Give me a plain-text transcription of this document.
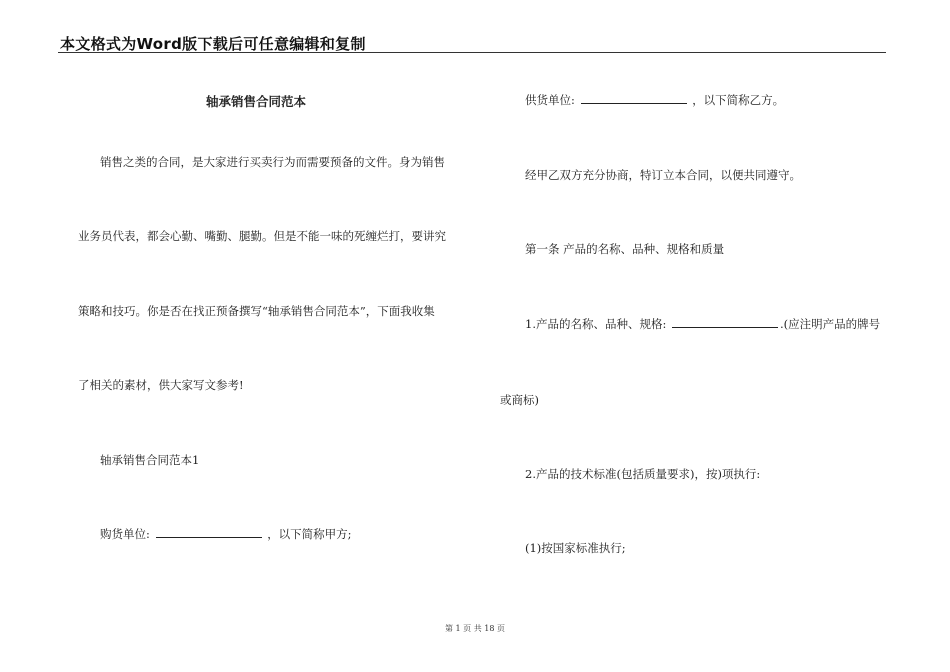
本文格式为Word版下载后可任意编辑和复制
轴承销售合同范本
销售之类的合同，是大家进行买卖行为而需要预备的文件。身为销售
业务员代表，都会心勤、嘴勤、腿勤。但是不能一味的死缠烂打，要讲究
策略和技巧。你是否在找正预备撰写“轴承销售合同范本”，下面我收集
了相关的素材，供大家写文参考!
轴承销售合同范本1
购货单位:	，以下简称甲方;
供货单位:	，以下简称乙方。
经甲乙双方充分协商，特订立本合同，以便共同遵守。
第一条 产品的名称、品种、规格和质量
1.产品的名称、品种、规格:	.(应注明产品的牌号
或商标)
2.产品的技术标准(包括质量要求)，按)项执行:
(1)按国家标准执行;
第 1 页 共 18 页
